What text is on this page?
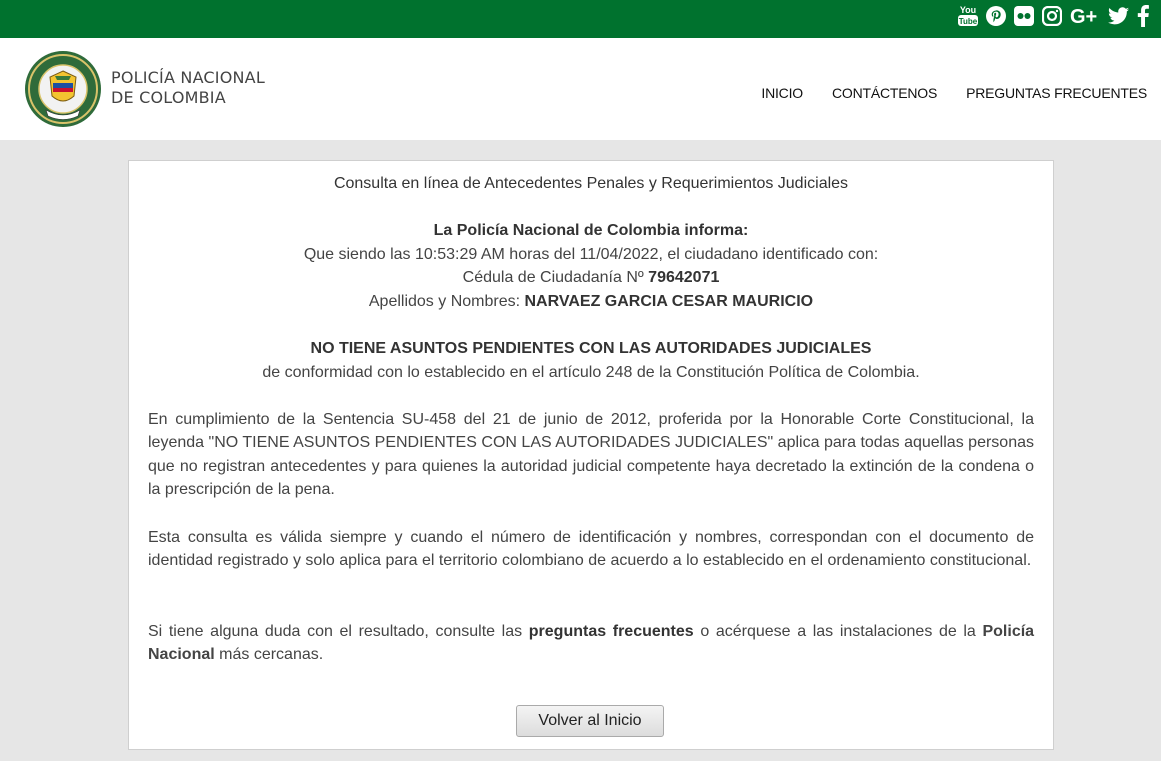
You
Tube	G+
POLICÍA NACIONAL
DE COLOMBIA	INICIO CONTÁCTENOS PREGUNTAS FRECUENTES
Consulta en línea de Antecedentes Penales y Requerimientos Judiciales
La Policía Nacional de Colombia informa:
Que siendo las 10:53:29 AM horas del 11/04/2022, el ciudadano identificado con:
Cédula de Ciudadanía Nº 79642071
Apellidos y Nombres: NARVAEZ GARCIA CESAR MAURICIO
NO TIENE ASUNTOS PENDIENTES CON LAS AUTORIDADES JUDICIALES
de conformidad con lo establecido en el artículo 248 de la Constitución Política de Colombia.
En cumplimiento de la Sentencia SU-458 del 21 de junio de 2012, proferida por la Honorable Corte Constitucional, la leyenda "NO TIENE ASUNTOS PENDIENTES CON LAS AUTORIDADES JUDICIALES" aplica para todas aquellas personas que no registran antecedentes y para quienes la autoridad judicial competente haya decretado la extinción de la condena o la prescripción de la pena.
Esta consulta es válida siempre y cuando el número de identificación y nombres, correspondan con el documento de identidad registrado y solo aplica para el territorio colombiano de acuerdo a lo establecido en el ordenamiento constitucional.
Si tiene alguna duda con el resultado, consulte las preguntas frecuentes o acérquese a las instalaciones de la Policía Nacional más cercanas.
Volver al Inicio
